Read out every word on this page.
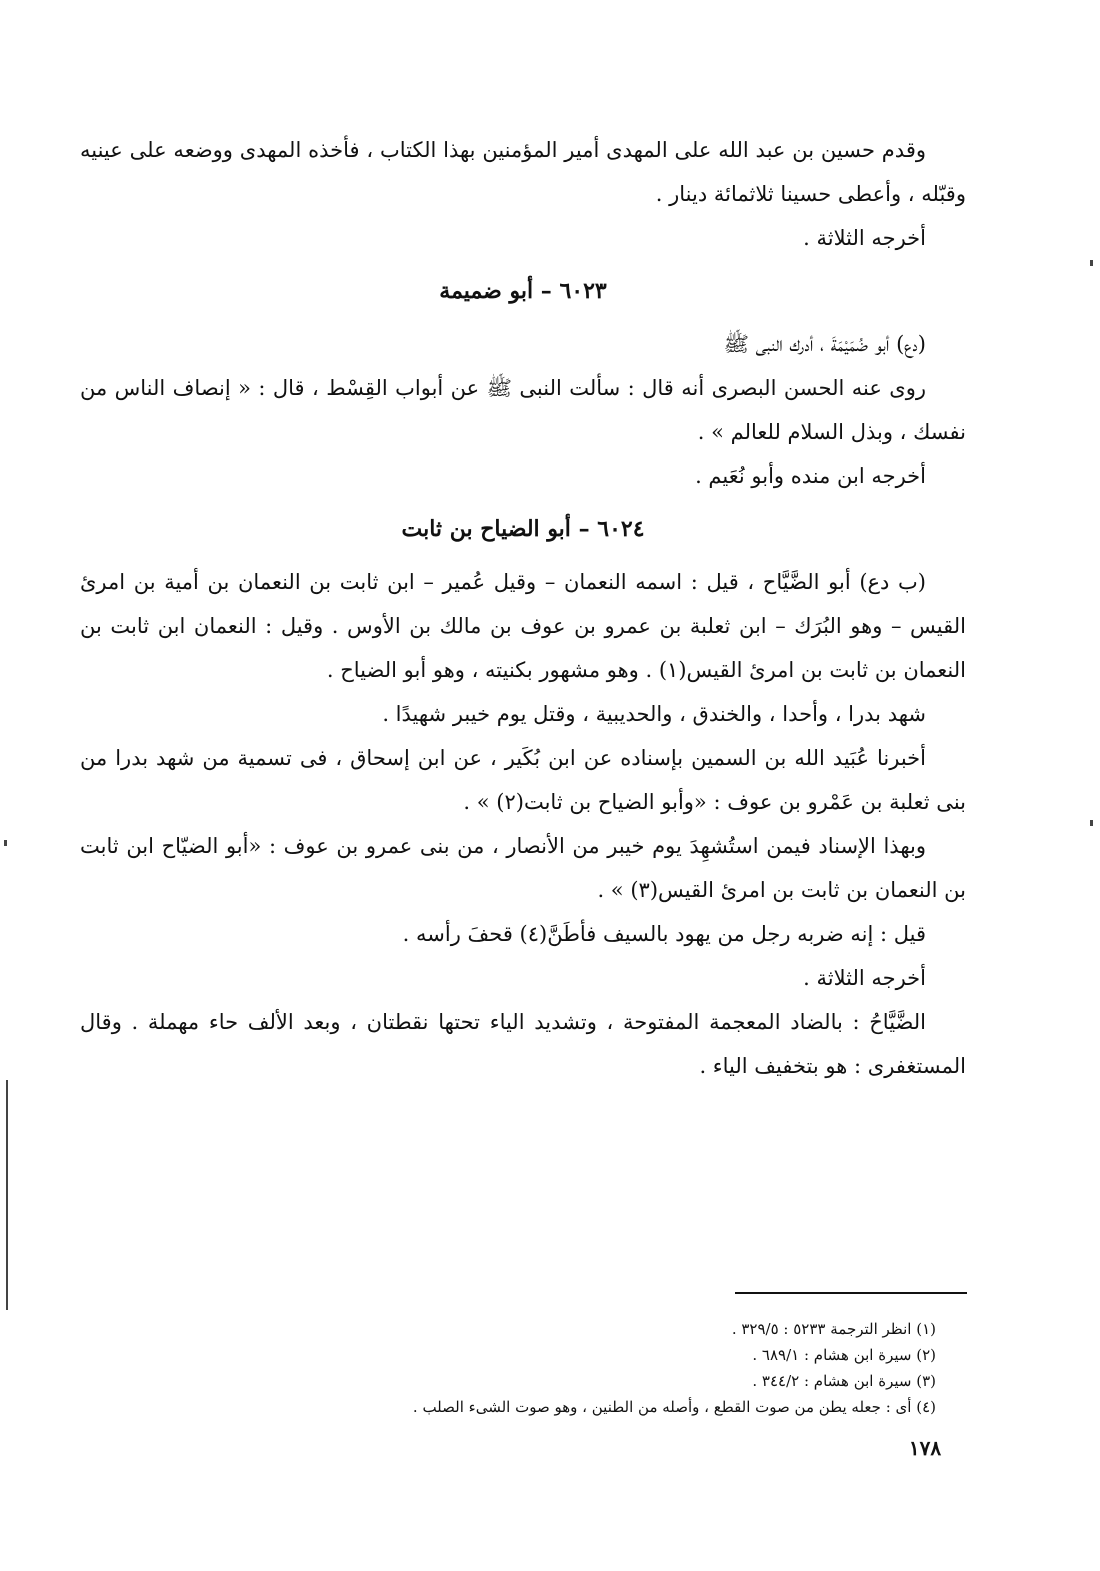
وقدم حسين بن عبد الله على المهدى أمير المؤمنين بهذا الكتاب ، فأخذه المهدى ووضعه على عينيه وقبّله ، وأعطى حسينا ثلاثمائة دينار .

أخرجه الثلاثة .

٦٠٢٣ – أبو ضميمة

(دع) أبو ضُمَيْمَةَ ، أدرك النبى ﷺ

روى عنه الحسن البصرى أنه قال : سألت النبى ﷺ عن أبواب القِسْط ، قال : « إنصاف الناس من نفسك ، وبذل السلام للعالم » .

أخرجه ابن منده وأبو نُعَيم .

٦٠٢٤ – أبو الضياح بن ثابت

(ب دع) أبو الضَّيَّاح ، قيل : اسمه النعمان – وقيل عُمير – ابن ثابت بن النعمان بن أمية بن امرئ القيس – وهو البُرَك – ابن ثعلبة بن عمرو بن عوف بن مالك بن الأوس . وقيل : النعمان ابن ثابت بن النعمان بن ثابت بن امرئ القيس(١) . وهو مشهور بكنيته ، وهو أبو الضياح .

شهد بدرا ، وأحدا ، والخندق ، والحديبية ، وقتل يوم خيبر شهيدًا .

أخبرنا عُبَيد الله بن السمين بإسناده عن ابن بُكَير ، عن ابن إسحاق ، فى تسمية من شهد بدرا من بنى ثعلبة بن عَمْرو بن عوف : «وأبو الضياح بن ثابت(٢) » .

وبهذا الإسناد فيمن استُشهِدَ يوم خيبر من الأنصار ، من بنى عمرو بن عوف : «أبو الضيّاح ابن ثابت بن النعمان بن ثابت بن امرئ القيس(٣) » .

قيل : إنه ضربه رجل من يهود بالسيف فأطَنَّ(٤) قحفَ رأسه .

أخرجه الثلاثة .

الضَّيَّاحُ : بالضاد المعجمة المفتوحة ، وتشديد الياء تحتها نقطتان ، وبعد الألف حاء مهملة . وقال المستغفرى : هو بتخفيف الياء .

(١) انظر الترجمة ٥٢٣٣ : ٣٢٩/٥ .

(٢) سيرة ابن هشام : ٦٨٩/١ .

(٣) سيرة ابن هشام : ٣٤٤/٢ .

(٤) أى : جعله يطن من صوت القطع ، وأصله من الطنين ، وهو صوت الشىء الصلب .

١٧٨
